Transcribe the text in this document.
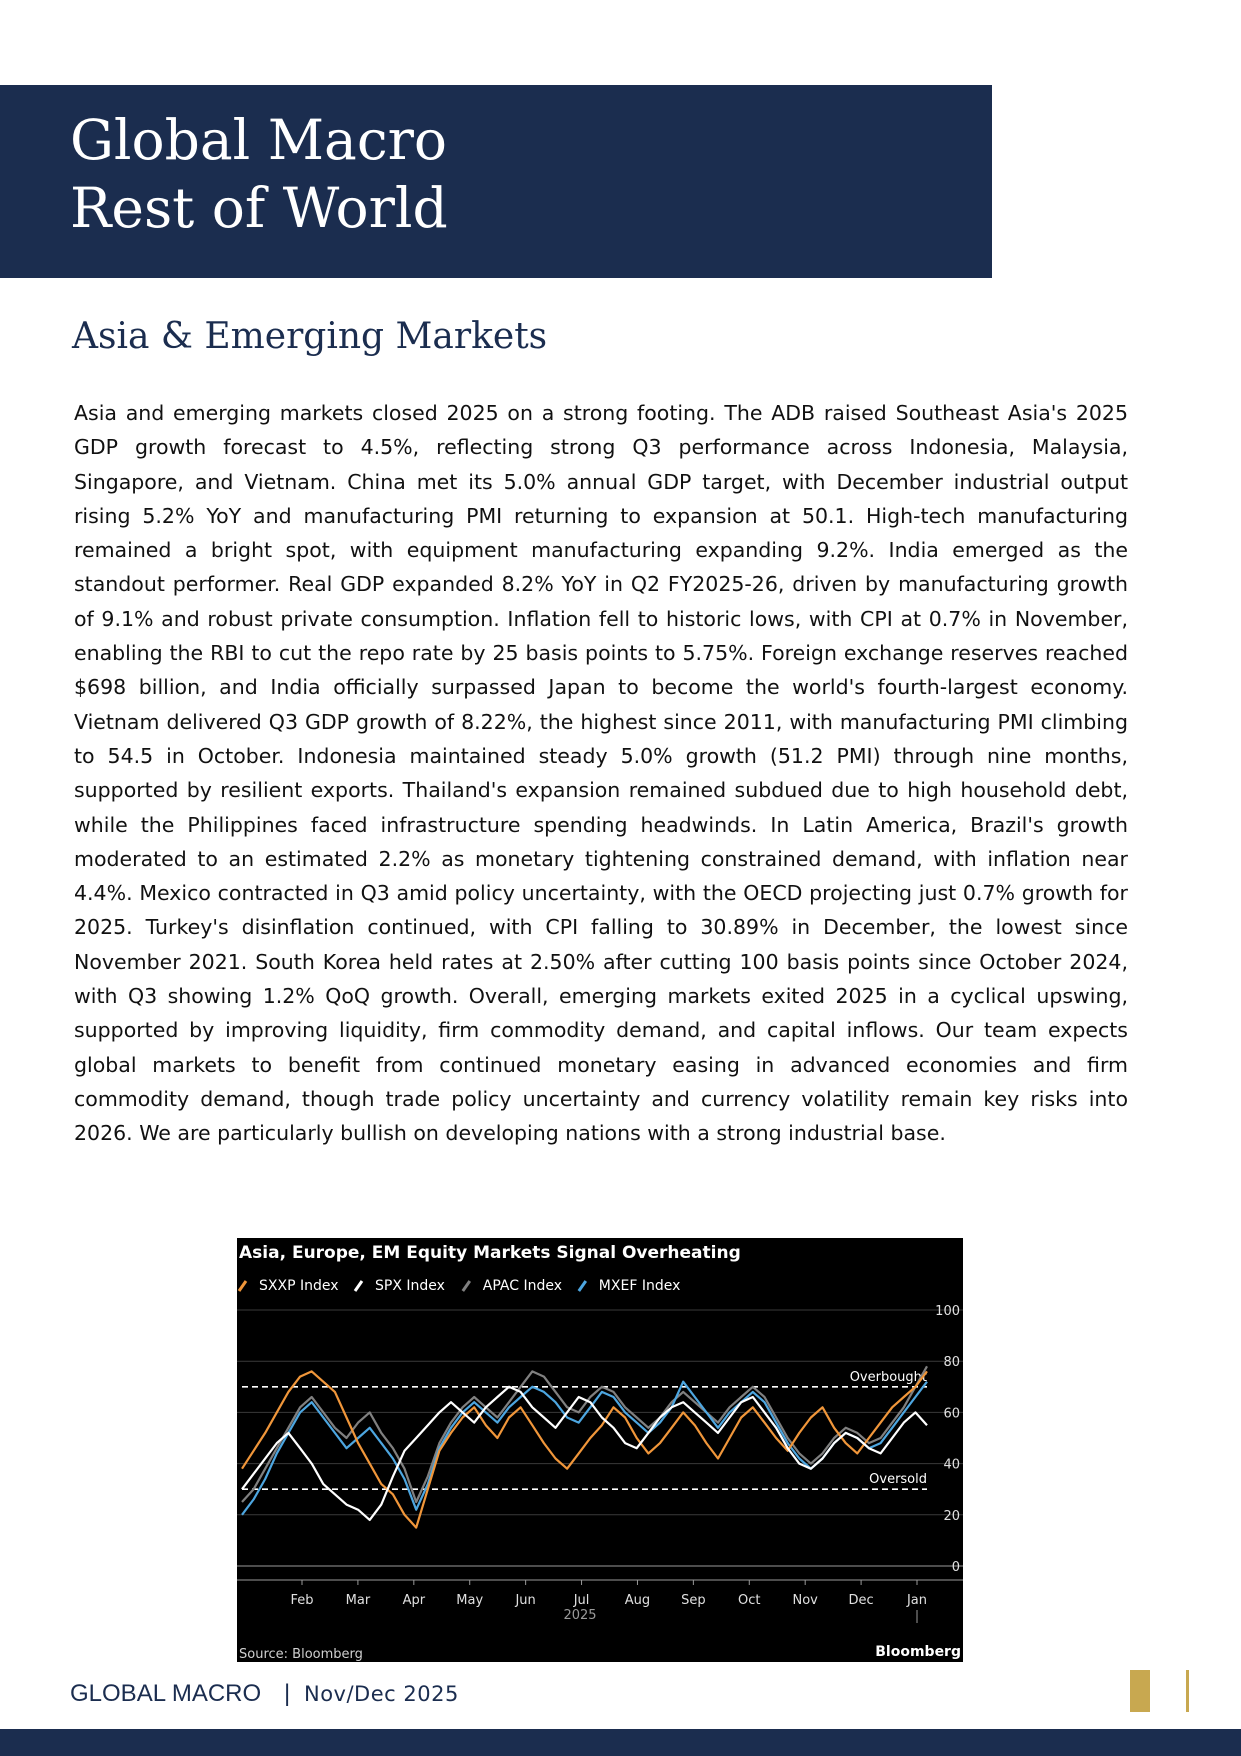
Global Macro
Rest of World
Asia & Emerging Markets

Asia and emerging markets closed 2025 on a strong footing. The ADB raised Southeast Asia's 2025 GDP growth forecast to 4.5%, reflecting strong Q3 performance across Indonesia, Malaysia, Singapore, and Vietnam. China met its 5.0% annual GDP target, with December industrial output rising 5.2% YoY and manufacturing PMI returning to expansion at 50.1. High-tech manufacturing remained a bright spot, with equipment manufacturing expanding 9.2%. India emerged as the standout performer. Real GDP expanded 8.2% YoY in Q2 FY2025-26, driven by manufacturing growth of 9.1% and robust private consumption. Inflation fell to historic lows, with CPI at 0.7% in November, enabling the RBI to cut the repo rate by 25 basis points to 5.75%. Foreign exchange reserves reached $698 billion, and India officially surpassed Japan to become the world's fourth-largest economy. Vietnam delivered Q3 GDP growth of 8.22%, the highest since 2011, with manufacturing PMI climbing to 54.5 in October. Indonesia maintained steady 5.0% growth (51.2 PMI) through nine months, supported by resilient exports. Thailand's expansion remained subdued due to high household debt, while the Philippines faced infrastructure spending headwinds. In Latin America, Brazil's growth moderated to an estimated 2.2% as monetary tightening constrained demand, with inflation near 4.4%. Mexico contracted in Q3 amid policy uncertainty, with the OECD projecting just 0.7% growth for 2025. Turkey's disinflation continued, with CPI falling to 30.89% in December, the lowest since November 2021. South Korea held rates at 2.50% after cutting 100 basis points since October 2024, with Q3 showing 1.2% QoQ growth. Overall, emerging markets exited 2025 in a cyclical upswing, supported by improving liquidity, firm commodity demand, and capital inflows. Our team expects global markets to benefit from continued monetary easing in advanced economies and firm commodity demand, though trade policy uncertainty and currency volatility remain key risks into 2026. We are particularly bullish on developing nations with a strong industrial base.

Asia, Europe, EM Equity Markets Signal Overheating
SXXP Index	SPX Index	APAC Index	MXEF Index
Overbought
Oversold
0
20
40
60
80
100
Feb Mar Apr May Jun	Jul	Aug Sep Oct Nov Dec	Jan
2025
Source: Bloomberg	Bloomberg
GLOBAL MACRO | Nov/Dec 2025
